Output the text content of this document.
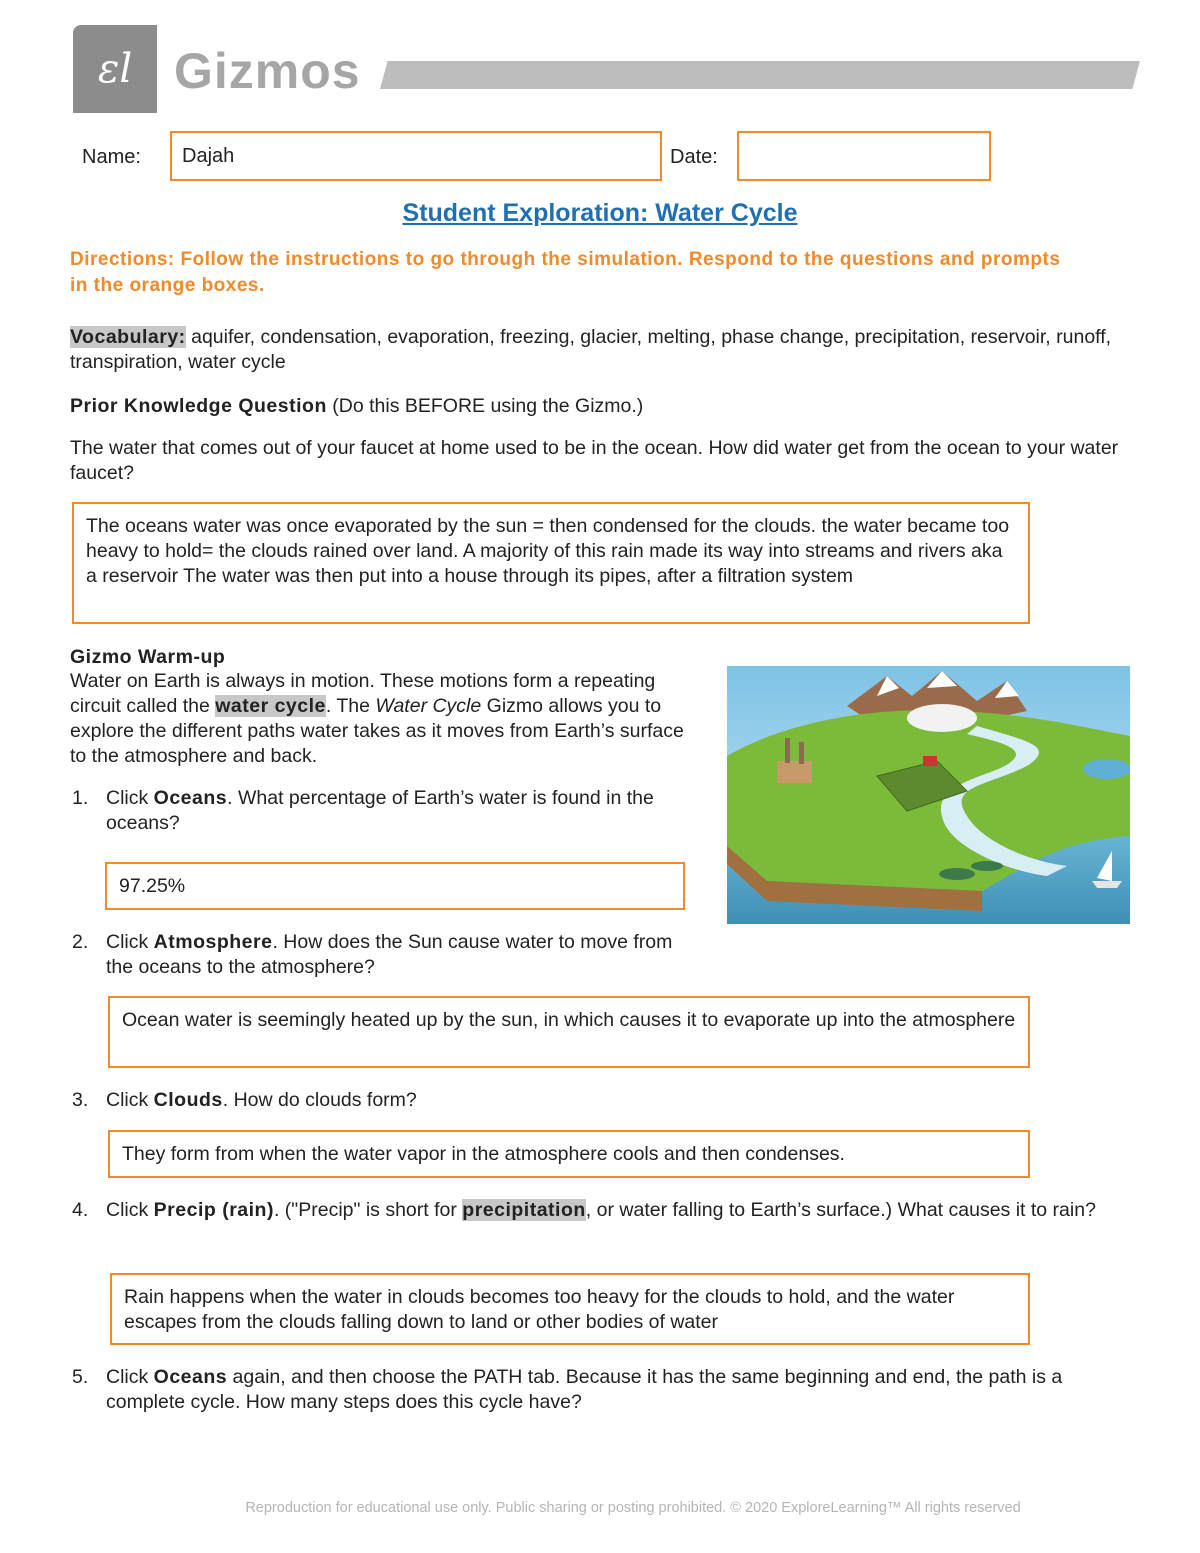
ɛl Gizmos
Name:	Dajah	Date:
Student Exploration: Water Cycle
Directions: Follow the instructions to go through the simulation. Respond to the questions and prompts in the orange boxes.
Vocabulary: aquifer, condensation, evaporation, freezing, glacier, melting, phase change, precipitation, reservoir, runoff, transpiration, water cycle
Prior Knowledge Question (Do this BEFORE using the Gizmo.)
The water that comes out of your faucet at home used to be in the ocean. How did water get from the ocean to your water faucet?
The oceans water was once evaporated by the sun = then condensed for the clouds. the water became too heavy to hold= the clouds rained over land. A majority of this rain made its way into streams and rivers aka a reservoir The water was then put into a house through its pipes, after a filtration system
Gizmo Warm-up
Water on Earth is always in motion. These motions form a repeating circuit called the water cycle. The Water Cycle Gizmo allows you to explore the different paths water takes as it moves from Earth’s surface to the atmosphere and back.
1. Click Oceans. What percentage of Earth’s water is found in the oceans?
97.25%
2. Click Atmosphere. How does the Sun cause water to move from the oceans to the atmosphere?
Ocean water is seemingly heated up by the sun, in which causes it to evaporate up into the atmosphere
3. Click Clouds. How do clouds form?
They form from when the water vapor in the atmosphere cools and then condenses.
4. Click Precip (rain). ("Precip" is short for precipitation, or water falling to Earth’s surface.) What causes it to rain?
Rain happens when the water in clouds becomes too heavy for the clouds to hold, and the water escapes from the clouds falling down to land or other bodies of water
5. Click Oceans again, and then choose the PATH tab. Because it has the same beginning and end, the path is a complete cycle. How many steps does this cycle have?
Reproduction for educational use only. Public sharing or posting prohibited. © 2020 ExploreLearning™ All rights reserved
